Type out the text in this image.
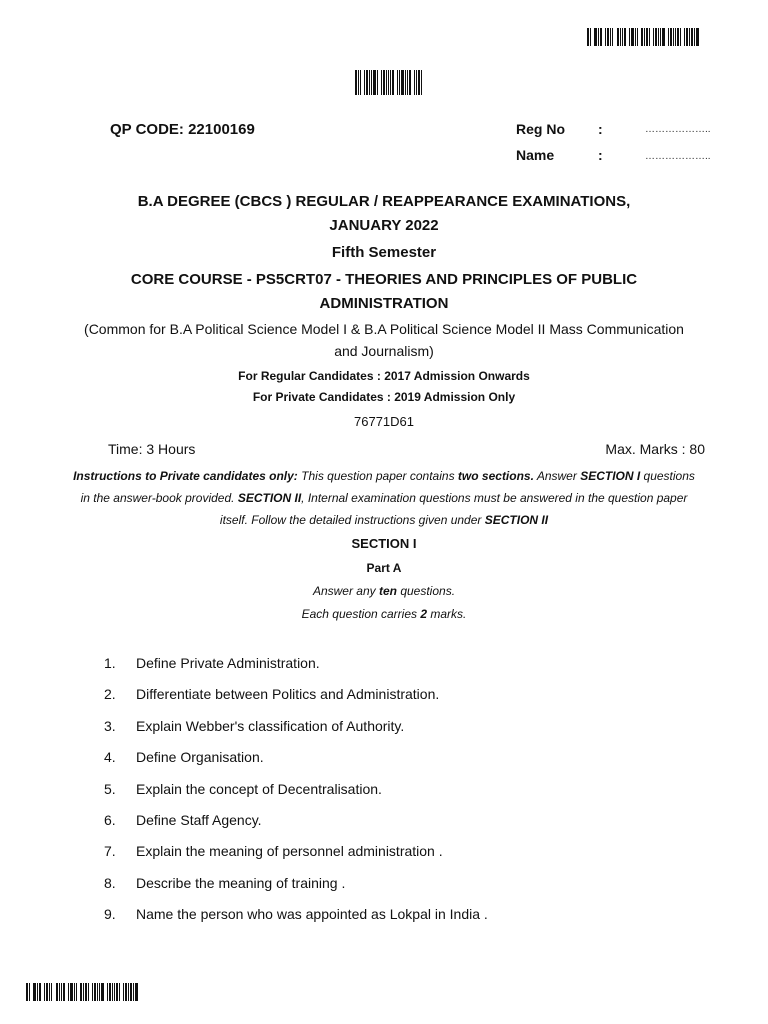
QP CODE: 22100169	Reg No :	………………..
Name	:	………………..
B.A DEGREE (CBCS ) REGULAR / REAPPEARANCE EXAMINATIONS,
JANUARY 2022
Fifth Semester
CORE COURSE - PS5CRT07 - THEORIES AND PRINCIPLES OF PUBLIC
ADMINISTRATION
(Common for B.A Political Science Model I & B.A Political Science Model II Mass Communication
and Journalism)
For Regular Candidates : 2017 Admission Onwards
For Private Candidates : 2019 Admission Only
76771D61
Time: 3 Hours	Max. Marks : 80
Instructions to Private candidates only: This question paper contains two sections. Answer SECTION I questions in the answer-book provided. SECTION II, Internal examination questions must be answered in the question paper itself. Follow the detailed instructions given under SECTION II
SECTION I
Part A
Answer any ten questions.
Each question carries 2 marks.
1.	Define Private Administration.
2.	Differentiate between Politics and Administration.
3.	Explain Webber's classification of Authority.
4.	Define Organisation.
5.	Explain the concept of Decentralisation.
6.	Define Staff Agency.
7.	Explain the meaning of personnel administration .
8.	Describe the meaning of training .
9.	Name the person who was appointed as Lokpal in India .
